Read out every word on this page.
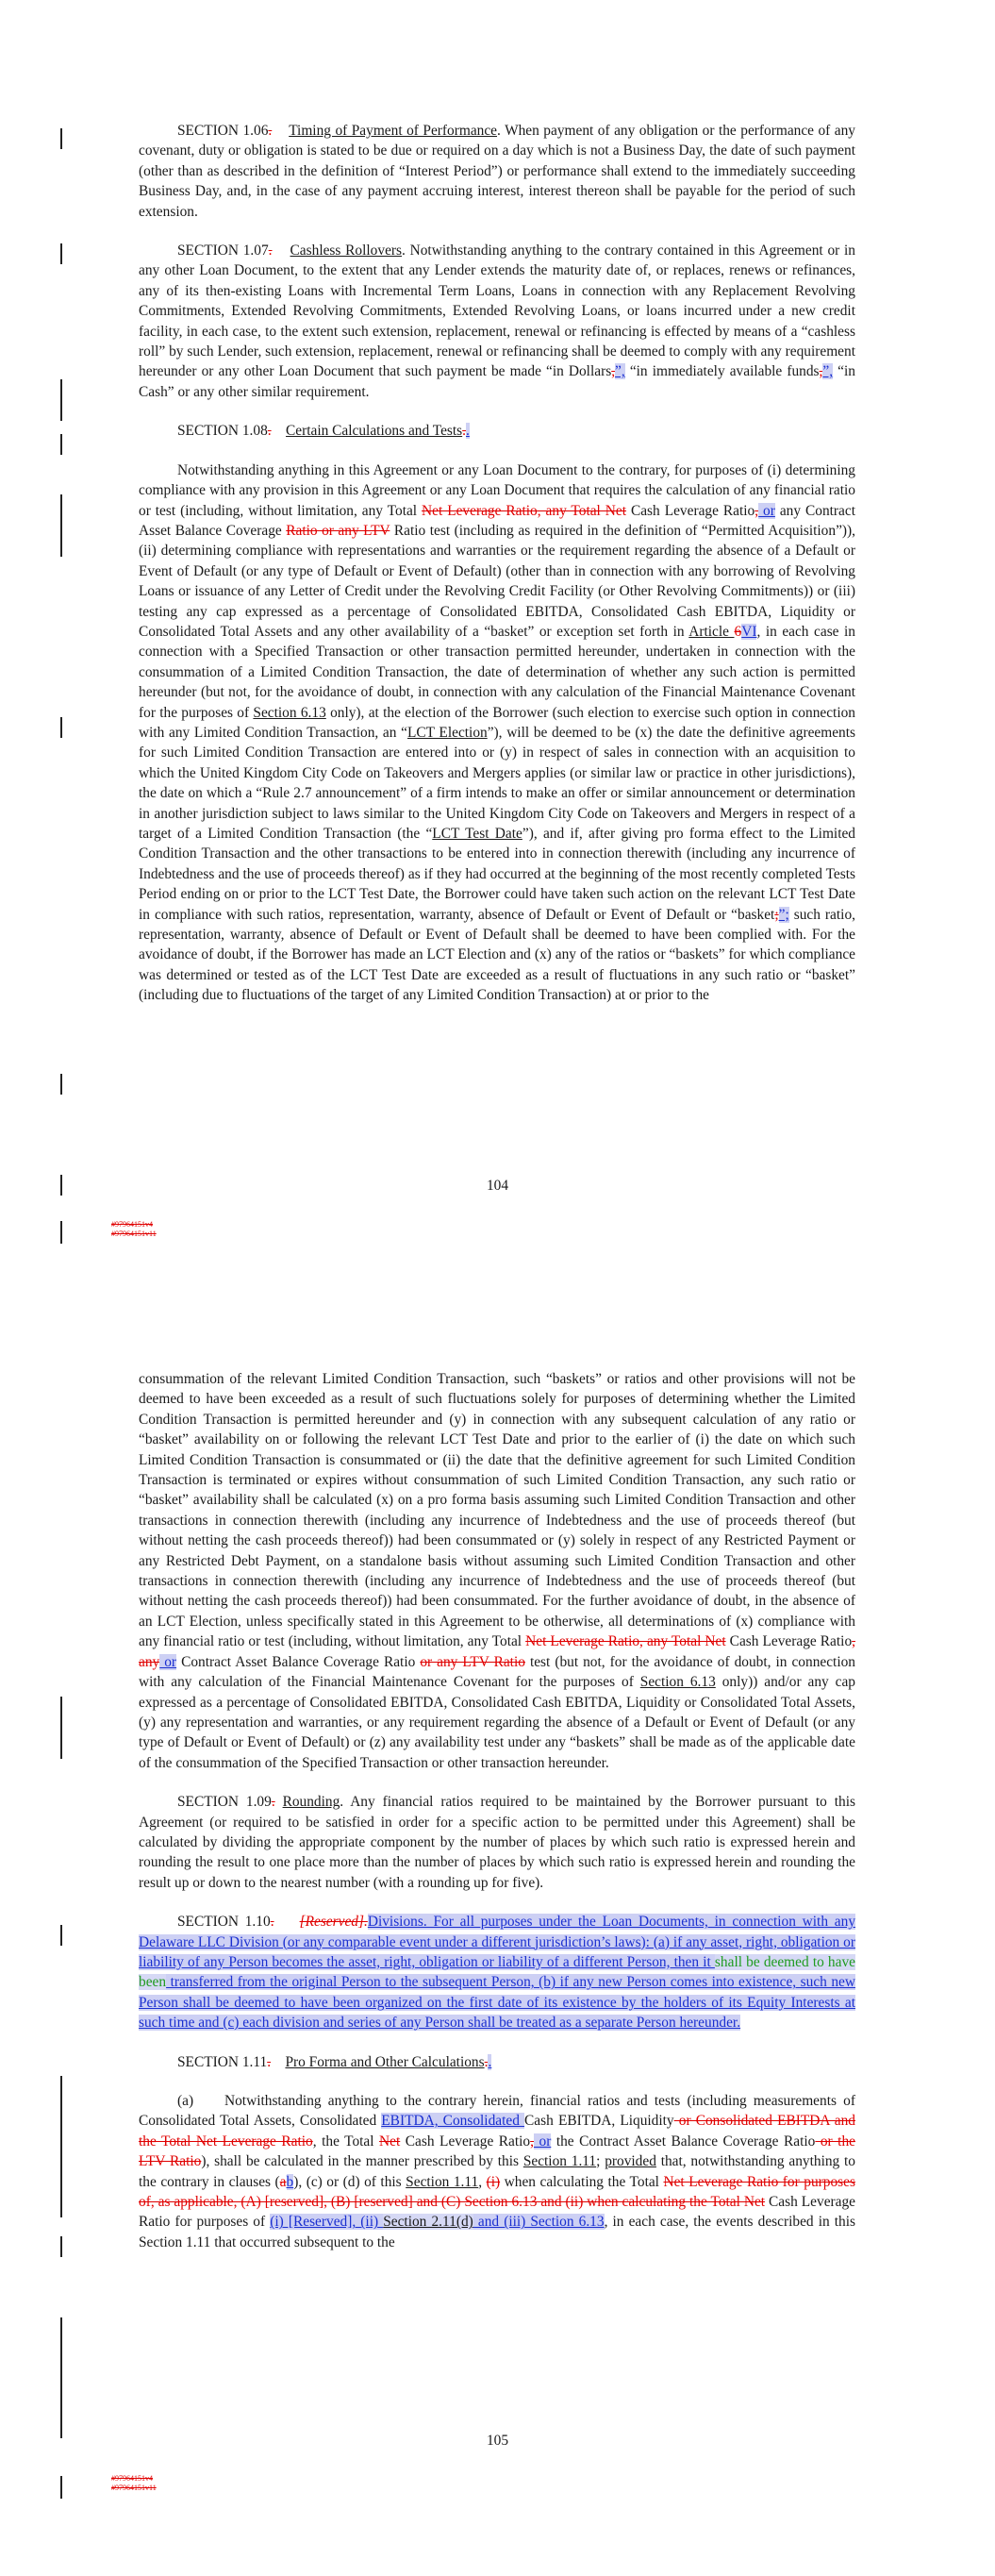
SECTION 1.06. Timing of Payment of Performance. When payment of any obligation or the performance of any covenant, duty or obligation is stated to be due or required on a day which is not a Business Day, the date of such payment (other than as described in the definition of “Interest Period”) or performance shall extend to the immediately succeeding Business Day, and, in the case of any payment accruing interest, interest thereon shall be payable for the period of such extension.

SECTION 1.07. Cashless Rollovers. Notwithstanding anything to the contrary contained in this Agreement or in any other Loan Document, to the extent that any Lender extends the maturity date of, or replaces, renews or refinances, any of its then-existing Loans with Incremental Term Loans, Loans in connection with any Replacement Revolving Commitments, Extended Revolving Commitments, Extended Revolving Loans, or loans incurred under a new credit facility, in each case, to the extent such extension, replacement, renewal or refinancing is effected by means of a “cashless roll” by such Lender, such extension, replacement, renewal or refinancing shall be deemed to comply with any requirement hereunder or any other Loan Document that such payment be made “in Dollars,”, “in immediately available funds,”, “in Cash” or any other similar requirement.

SECTION 1.08. Certain Calculations and Tests..

Notwithstanding anything in this Agreement or any Loan Document to the contrary, for purposes of (i) determining compliance with any provision in this Agreement or any Loan Document that requires the calculation of any financial ratio or test (including, without limitation, any Total Net Leverage Ratio, any Total Net Cash Leverage Ratio, or any Contract Asset Balance Coverage Ratio or any LTV Ratio test (including as required in the definition of “Permitted Acquisition”)), (ii) determining compliance with representations and warranties or the requirement regarding the absence of a Default or Event of Default (or any type of Default or Event of Default) (other than in connection with any borrowing of Revolving Loans or issuance of any Letter of Credit under the Revolving Credit Facility (or Other Revolving Commitments)) or (iii) testing any cap expressed as a percentage of Consolidated EBITDA, Consolidated Cash EBITDA, Liquidity or Consolidated Total Assets and any other availability of a “basket” or exception set forth in Article 6VI, in each case in connection with a Specified Transaction or other transaction permitted hereunder, undertaken in connection with the consummation of a Limited Condition Transaction, the date of determination of whether any such action is permitted hereunder (but not, for the avoidance of doubt, in connection with any calculation of the Financial Maintenance Covenant for the purposes of Section 6.13 only), at the election of the Borrower (such election to exercise such option in connection with any Limited Condition Transaction, an “LCT Election”), will be deemed to be (x) the date the definitive agreements for such Limited Condition Transaction are entered into or (y) in respect of sales in connection with an acquisition to which the United Kingdom City Code on Takeovers and Mergers applies (or similar law or practice in other jurisdictions), the date on which a “Rule 2.7 announcement” of a firm intends to make an offer or similar announcement or determination in another jurisdiction subject to laws similar to the United Kingdom City Code on Takeovers and Mergers in respect of a target of a Limited Condition Transaction (the “LCT Test Date”), and if, after giving pro forma effect to the Limited Condition Transaction and the other transactions to be entered into in connection therewith (including any incurrence of Indebtedness and the use of proceeds thereof) as if they had occurred at the beginning of the most recently completed Tests Period ending on or prior to the LCT Test Date, the Borrower could have taken such action on the relevant LCT Test Date in compliance with such ratios, representation, warranty, absence of Default or Event of Default or “basket;”; such ratio, representation, warranty, absence of Default or Event of Default shall be deemed to have been complied with. For the avoidance of doubt, if the Borrower has made an LCT Election and (x) any of the ratios or “baskets” for which compliance was determined or tested as of the LCT Test Date are exceeded as a result of fluctuations in any such ratio or “basket” (including due to fluctuations of the target of any Limited Condition Transaction) at or prior to the

104
#97964151v4
#97964151v11

consummation of the relevant Limited Condition Transaction, such “baskets” or ratios and other provisions will not be deemed to have been exceeded as a result of such fluctuations solely for purposes of determining whether the Limited Condition Transaction is permitted hereunder and (y) in connection with any subsequent calculation of any ratio or “basket” availability on or following the relevant LCT Test Date and prior to the earlier of (i) the date on which such Limited Condition Transaction is consummated or (ii) the date that the definitive agreement for such Limited Condition Transaction is terminated or expires without consummation of such Limited Condition Transaction, any such ratio or “basket” availability shall be calculated (x) on a pro forma basis assuming such Limited Condition Transaction and other transactions in connection therewith (including any incurrence of Indebtedness and the use of proceeds thereof (but without netting the cash proceeds thereof)) had been consummated or (y) solely in respect of any Restricted Payment or any Restricted Debt Payment, on a standalone basis without assuming such Limited Condition Transaction and other transactions in connection therewith (including any incurrence of Indebtedness and the use of proceeds thereof (but without netting the cash proceeds thereof)) had been consummated. For the further avoidance of doubt, in the absence of an LCT Election, unless specifically stated in this Agreement to be otherwise, all determinations of (x) compliance with any financial ratio or test (including, without limitation, any Total Net Leverage Ratio, any Total Net Cash Leverage Ratio, any or Contract Asset Balance Coverage Ratio or any LTV Ratio test (but not, for the avoidance of doubt, in connection with any calculation of the Financial Maintenance Covenant for the purposes of Section 6.13 only)) and/or any cap expressed as a percentage of Consolidated EBITDA, Consolidated Cash EBITDA, Liquidity or Consolidated Total Assets, (y) any representation and warranties, or any requirement regarding the absence of a Default or Event of Default (or any type of Default or Event of Default) or (z) any availability test under any “baskets” shall be made as of the applicable date of the consummation of the Specified Transaction or other transaction hereunder.

SECTION 1.09. Rounding. Any financial ratios required to be maintained by the Borrower pursuant to this Agreement (or required to be satisfied in order for a specific action to be permitted under this Agreement) shall be calculated by dividing the appropriate component by the number of places by which such ratio is expressed herein and rounding the result to one place more than the number of places by which such ratio is expressed herein and rounding the result up or down to the nearest number (with a rounding up for five).

SECTION 1.10. [Reserved].Divisions. For all purposes under the Loan Documents, in connection with any Delaware LLC Division (or any comparable event under a different jurisdiction’s laws): (a) if any asset, right, obligation or liability of any Person becomes the asset, right, obligation or liability of a different Person, then it shall be deemed to have been transferred from the original Person to the subsequent Person, (b) if any new Person comes into existence, such new Person shall be deemed to have been organized on the first date of its existence by the holders of its Equity Interests at such time and (c) each division and series of any Person shall be treated as a separate Person hereunder.

SECTION 1.11. Pro Forma and Other Calculations..

(a) Notwithstanding anything to the contrary herein, financial ratios and tests (including measurements of Consolidated Total Assets, Consolidated EBITDA, Consolidated Cash EBITDA, Liquidity or Consolidated EBITDA and the Total Net Leverage Ratio, the Total Net Cash Leverage Ratio, or the Contract Asset Balance Coverage Ratio or the LTV Ratio), shall be calculated in the manner prescribed by this Section 1.11; provided that, notwithstanding anything to the contrary in clauses (ab), (c) or (d) of this Section 1.11, (i) when calculating the Total Net Leverage Ratio for purposes of, as applicable, (A) [reserved], (B) [reserved] and (C) Section 6.13 and (ii) when calculating the Total Net Cash Leverage Ratio for purposes of (i) [Reserved], (ii) Section 2.11(d) and (iii) Section 6.13, in each case, the events described in this Section 1.11 that occurred subsequent to the

105
#97964151v4
#97964151v11
